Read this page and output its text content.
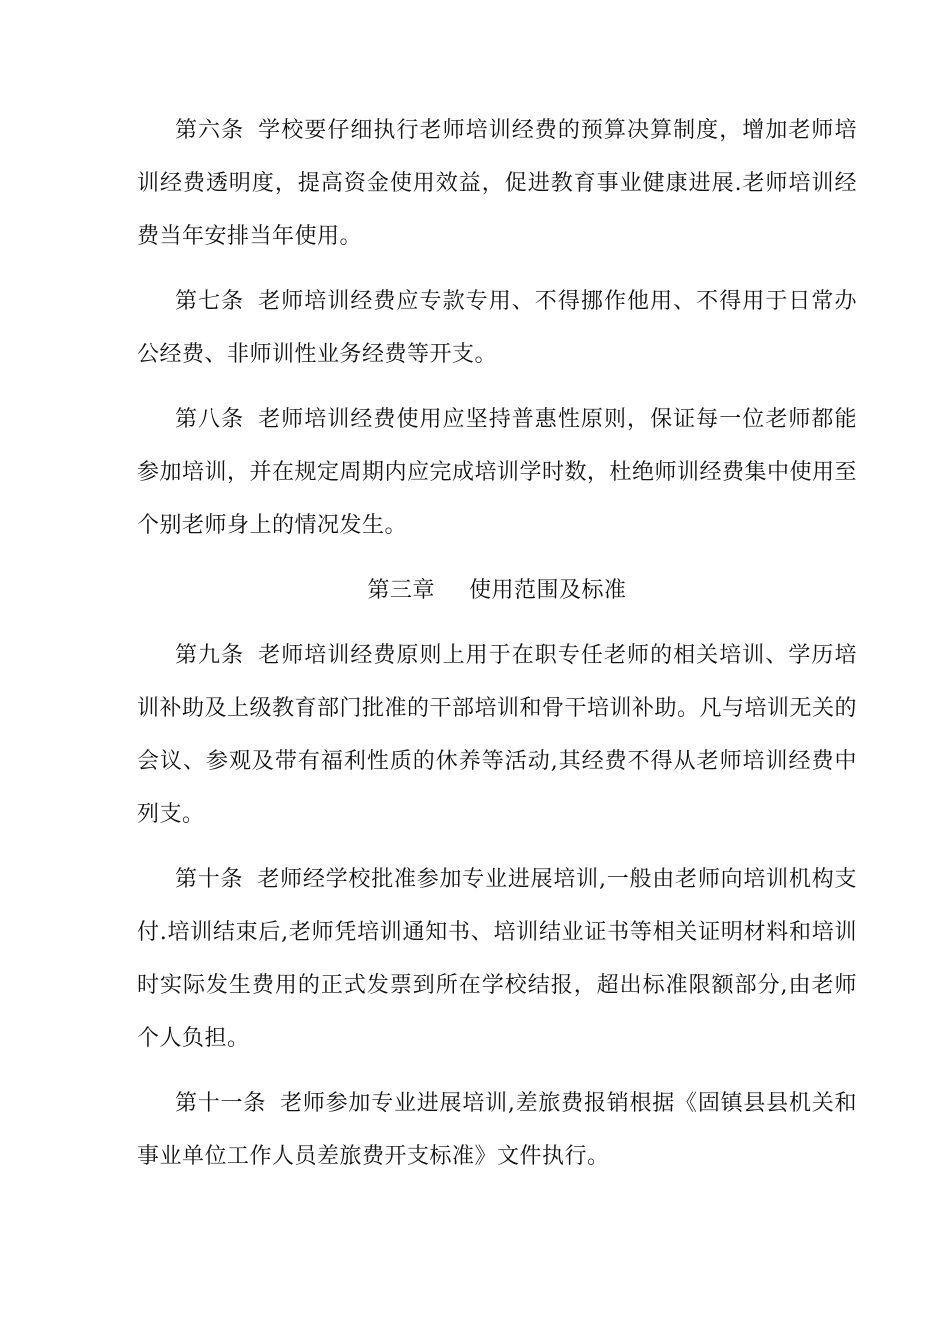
第六条 学校要仔细执行老师培训经费的预算决算制度，增加老师培训经费透明度，提高资金使用效益，促进教育事业健康进展.老师培训经费当年安排当年使用。

第七条 老师培训经费应专款专用、不得挪作他用、不得用于日常办公经费、非师训性业务经费等开支。

第八条 老师培训经费使用应坚持普惠性原则，保证每一位老师都能参加培训，并在规定周期内应完成培训学时数，杜绝师训经费集中使用至个别老师身上的情况发生。

第三章 使用范围及标准

第九条 老师培训经费原则上用于在职专任老师的相关培训、学历培训补助及上级教育部门批准的干部培训和骨干培训补助。凡与培训无关的会议、参观及带有福利性质的休养等活动,其经费不得从老师培训经费中列支。

第十条 老师经学校批准参加专业进展培训,一般由老师向培训机构支付.培训结束后,老师凭培训通知书、培训结业证书等相关证明材料和培训时实际发生费用的正式发票到所在学校结报，超出标准限额部分,由老师个人负担。

第十一条 老师参加专业进展培训,差旅费报销根据《固镇县县机关和事业单位工作人员差旅费开支标准》文件执行。
